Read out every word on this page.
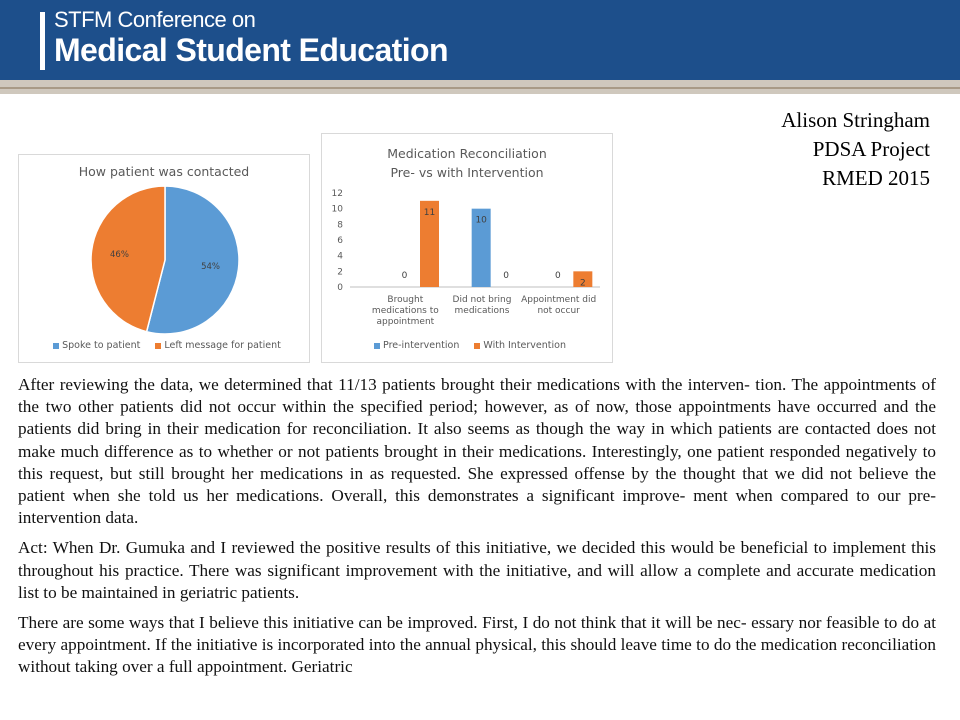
STFM Conference on
Medical Student Education
Alison Stringham
PDSA Project
RMED 2015
How patient was contacted
54%
46%
Spoke to patient	Left message for patient
Medication Reconciliation
Pre- vs with Intervention
0
2
4
6
8
10
12
0
11
Brought
medications to
appointment
10
0
Did not bring
medications
0
2
Appointment did
not occur
Pre-intervention	With Intervention

After reviewing the data, we determined that 11/13 patients brought their medications with the interven- tion. The appointments of the two other patients did not occur within the specified period; however, as of now, those appointments have occurred and the patients did bring in their medication for reconciliation. It also seems as though the way in which patients are contacted does not make much difference as to whether or not patients brought in their medications. Interestingly, one patient responded negatively to this request, but still brought her medications in as requested. She expressed offense by the thought that we did not believe the patient when she told us her medications. Overall, this demonstrates a significant improve- ment when compared to our pre-intervention data.

Act: When Dr. Gumuka and I reviewed the positive results of this initiative, we decided this would be beneficial to implement this throughout his practice. There was significant improvement with the initiative, and will allow a complete and accurate medication list to be maintained in geriatric patients.

There are some ways that I believe this initiative can be improved. First, I do not think that it will be nec- essary nor feasible to do at every appointment. If the initiative is incorporated into the annual physical, this should leave time to do the medication reconciliation without taking over a full appointment. Geriatric
